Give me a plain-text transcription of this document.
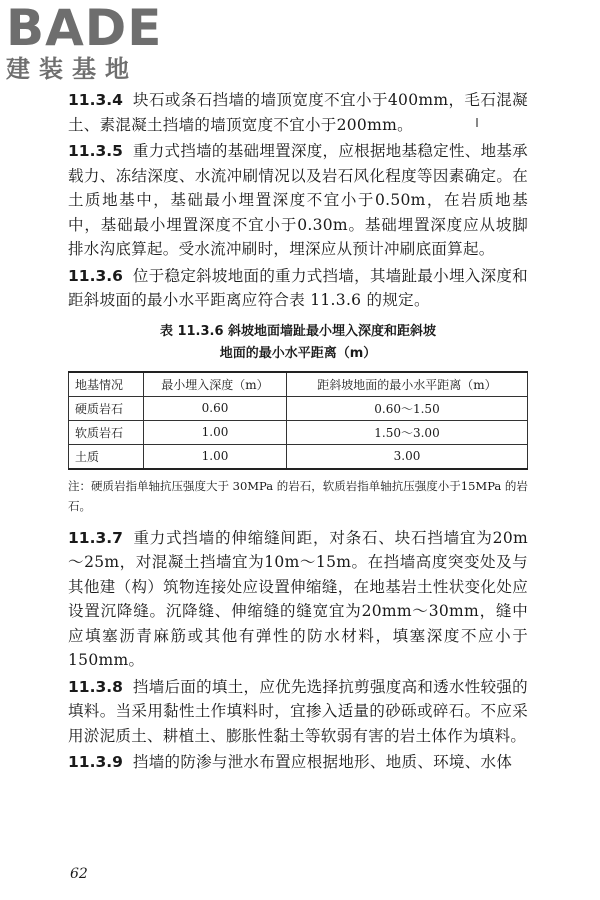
BADE
建装基地

11.3.4 块石或条石挡墙的墙顶宽度不宜小于400mm，毛石混凝土、素混凝土挡墙的墙顶宽度不宜小于200mm。

11.3.5 重力式挡墙的基础埋置深度，应根据地基稳定性、地基承载力、冻结深度、水流冲刷情况以及岩石风化程度等因素确定。在土质地基中，基础最小埋置深度不宜小于0.50m，在岩质地基中，基础最小埋置深度不宜小于0.30m。基础埋置深度应从坡脚排水沟底算起。受水流冲刷时，埋深应从预计冲刷底面算起。

11.3.6 位于稳定斜坡地面的重力式挡墙，其墙趾最小埋入深度和距斜坡面的最小水平距离应符合表 11.3.6 的规定。

表 11.3.6 斜坡地面墙趾最小埋入深度和距斜坡
地面的最小水平距离（m）
地基情况	最小埋入深度（m）	距斜坡地面的最小水平距离（m）
硬质岩石	0.60	0.60～1.50
软质岩石	1.00	1.50～3.00
土质	1.00	3.00

注：硬质岩指单轴抗压强度大于 30MPa 的岩石，软质岩指单轴抗压强度小于15MPa 的岩石。

11.3.7 重力式挡墙的伸缩缝间距，对条石、块石挡墙宜为20m～25m，对混凝土挡墙宜为10m～15m。在挡墙高度突变处及与其他建（构）筑物连接处应设置伸缩缝，在地基岩土性状变化处应设置沉降缝。沉降缝、伸缩缝的缝宽宜为20mm～30mm，缝中应填塞沥青麻筋或其他有弹性的防水材料，填塞深度不应小于150mm。

11.3.8 挡墙后面的填土，应优先选择抗剪强度高和透水性较强的填料。当采用黏性土作填料时，宜掺入适量的砂砾或碎石。不应采用淤泥质土、耕植土、膨胀性黏土等软弱有害的岩土体作为填料。

11.3.9 挡墙的防渗与泄水布置应根据地形、地质、环境、水体

62
